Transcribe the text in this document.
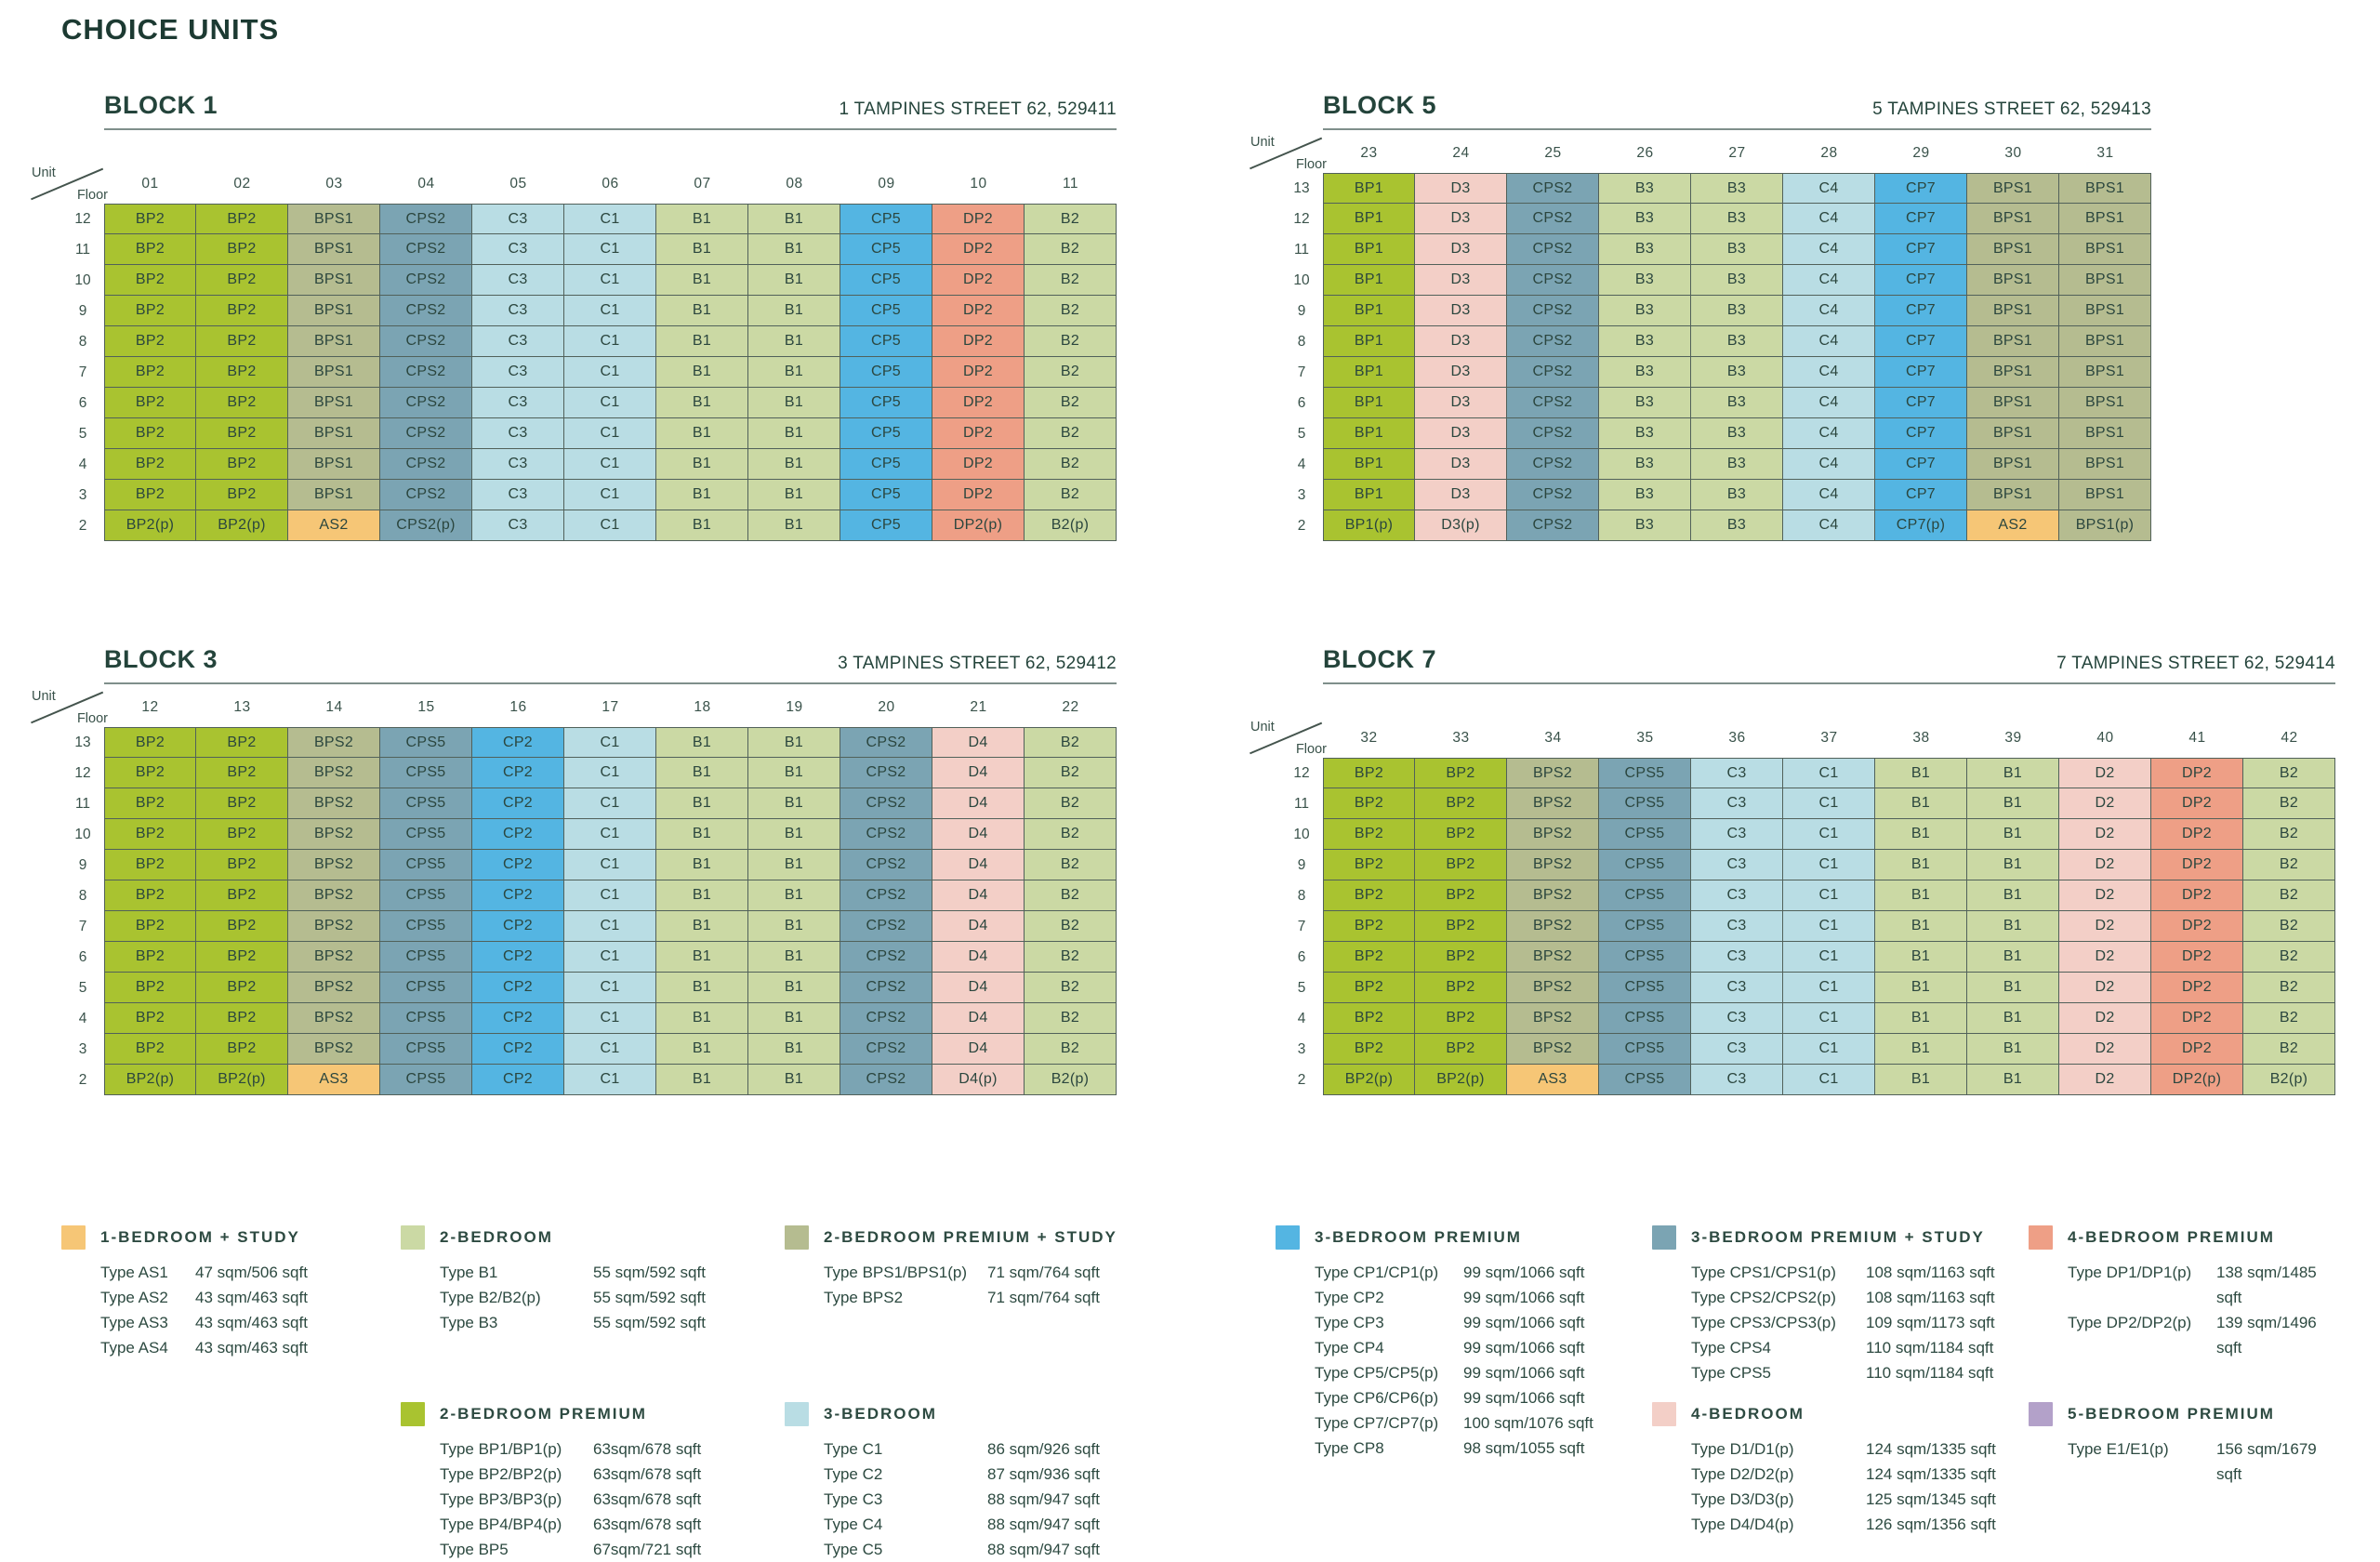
CHOICE UNITS
BLOCK 1	1 TAMPINES STREET 62, 529411
Unit
Floor
01	02	03	04	05	06	07	08	09	10	11
12	BP2	BP2	BPS1	CPS2	C3	C1	B1	B1	CP5	DP2	B2
11	BP2	BP2	BPS1	CPS2	C3	C1	B1	B1	CP5	DP2	B2
10	BP2	BP2	BPS1	CPS2	C3	C1	B1	B1	CP5	DP2	B2
9	BP2	BP2	BPS1	CPS2	C3	C1	B1	B1	CP5	DP2	B2
8	BP2	BP2	BPS1	CPS2	C3	C1	B1	B1	CP5	DP2	B2
7	BP2	BP2	BPS1	CPS2	C3	C1	B1	B1	CP5	DP2	B2
6	BP2	BP2	BPS1	CPS2	C3	C1	B1	B1	CP5	DP2	B2
5	BP2	BP2	BPS1	CPS2	C3	C1	B1	B1	CP5	DP2	B2
4	BP2	BP2	BPS1	CPS2	C3	C1	B1	B1	CP5	DP2	B2
3	BP2	BP2	BPS1	CPS2	C3	C1	B1	B1	CP5	DP2	B2
2	BP2(p)	BP2(p)	AS2	CPS2(p)	C3	C1	B1	B1	CP5	DP2(p)	B2(p)
BLOCK 5	5 TAMPINES STREET 62, 529413
Unit
Floor
23	24	25	26	27	28	29	30	31
13	BP1	D3	CPS2	B3	B3	C4	CP7	BPS1	BPS1
12	BP1	D3	CPS2	B3	B3	C4	CP7	BPS1	BPS1
11	BP1	D3	CPS2	B3	B3	C4	CP7	BPS1	BPS1
10	BP1	D3	CPS2	B3	B3	C4	CP7	BPS1	BPS1
9	BP1	D3	CPS2	B3	B3	C4	CP7	BPS1	BPS1
8	BP1	D3	CPS2	B3	B3	C4	CP7	BPS1	BPS1
7	BP1	D3	CPS2	B3	B3	C4	CP7	BPS1	BPS1
6	BP1	D3	CPS2	B3	B3	C4	CP7	BPS1	BPS1
5	BP1	D3	CPS2	B3	B3	C4	CP7	BPS1	BPS1
4	BP1	D3	CPS2	B3	B3	C4	CP7	BPS1	BPS1
3	BP1	D3	CPS2	B3	B3	C4	CP7	BPS1	BPS1
2	BP1(p)	D3(p)	CPS2	B3	B3	C4	CP7(p)	AS2	BPS1(p)
BLOCK 3	3 TAMPINES STREET 62, 529412
Unit
Floor
12	13	14	15	16	17	18	19	20	21	22
13	BP2	BP2	BPS2	CPS5	CP2	C1	B1	B1	CPS2	D4	B2
12	BP2	BP2	BPS2	CPS5	CP2	C1	B1	B1	CPS2	D4	B2
11	BP2	BP2	BPS2	CPS5	CP2	C1	B1	B1	CPS2	D4	B2
10	BP2	BP2	BPS2	CPS5	CP2	C1	B1	B1	CPS2	D4	B2
9	BP2	BP2	BPS2	CPS5	CP2	C1	B1	B1	CPS2	D4	B2
8	BP2	BP2	BPS2	CPS5	CP2	C1	B1	B1	CPS2	D4	B2
7	BP2	BP2	BPS2	CPS5	CP2	C1	B1	B1	CPS2	D4	B2
6	BP2	BP2	BPS2	CPS5	CP2	C1	B1	B1	CPS2	D4	B2
5	BP2	BP2	BPS2	CPS5	CP2	C1	B1	B1	CPS2	D4	B2
4	BP2	BP2	BPS2	CPS5	CP2	C1	B1	B1	CPS2	D4	B2
3	BP2	BP2	BPS2	CPS5	CP2	C1	B1	B1	CPS2	D4	B2
2	BP2(p)	BP2(p)	AS3	CPS5	CP2	C1	B1	B1	CPS2	D4(p)	B2(p)
BLOCK 7	7 TAMPINES STREET 62, 529414
Unit
Floor
32	33	34	35	36	37	38	39	40	41	42
12	BP2	BP2	BPS2	CPS5	C3	C1	B1	B1	D2	DP2	B2
11	BP2	BP2	BPS2	CPS5	C3	C1	B1	B1	D2	DP2	B2
10	BP2	BP2	BPS2	CPS5	C3	C1	B1	B1	D2	DP2	B2
9	BP2	BP2	BPS2	CPS5	C3	C1	B1	B1	D2	DP2	B2
8	BP2	BP2	BPS2	CPS5	C3	C1	B1	B1	D2	DP2	B2
7	BP2	BP2	BPS2	CPS5	C3	C1	B1	B1	D2	DP2	B2
6	BP2	BP2	BPS2	CPS5	C3	C1	B1	B1	D2	DP2	B2
5	BP2	BP2	BPS2	CPS5	C3	C1	B1	B1	D2	DP2	B2
4	BP2	BP2	BPS2	CPS5	C3	C1	B1	B1	D2	DP2	B2
3	BP2	BP2	BPS2	CPS5	C3	C1	B1	B1	D2	DP2	B2
2	BP2(p)	BP2(p)	AS3	CPS5	C3	C1	B1	B1	D2	DP2(p)	B2(p)
1-BEDROOM + STUDY
Type AS1	47 sqm/506 sqft
Type AS2	43 sqm/463 sqft
Type AS3	43 sqm/463 sqft
Type AS4	43 sqm/463 sqft
2-BEDROOM
Type B1	55 sqm/592 sqft
Type B2/B2(p)	55 sqm/592 sqft
Type B3	55 sqm/592 sqft
2-BEDROOM PREMIUM
Type BP1/BP1(p)	63sqm/678 sqft
Type BP2/BP2(p)	63sqm/678 sqft
Type BP3/BP3(p)	63sqm/678 sqft
Type BP4/BP4(p)	63sqm/678 sqft
Type BP5	67sqm/721 sqft
2-BEDROOM PREMIUM + STUDY
Type BPS1/BPS1(p)	71 sqm/764 sqft
Type BPS2	71 sqm/764 sqft
3-BEDROOM
Type C1	86 sqm/926 sqft
Type C2	87 sqm/936 sqft
Type C3	88 sqm/947 sqft
Type C4	88 sqm/947 sqft
Type C5	88 sqm/947 sqft
3-BEDROOM PREMIUM
Type CP1/CP1(p)	99 sqm/1066 sqft
Type CP2	99 sqm/1066 sqft
Type CP3	99 sqm/1066 sqft
Type CP4	99 sqm/1066 sqft
Type CP5/CP5(p)	99 sqm/1066 sqft
Type CP6/CP6(p)	99 sqm/1066 sqft
Type CP7/CP7(p)	100 sqm/1076 sqft
Type CP8	98 sqm/1055 sqft
3-BEDROOM PREMIUM + STUDY
Type CPS1/CPS1(p)	108 sqm/1163 sqft
Type CPS2/CPS2(p)	108 sqm/1163 sqft
Type CPS3/CPS3(p)	109 sqm/1173 sqft
Type CPS4	110 sqm/1184 sqft
Type CPS5	110 sqm/1184 sqft
4-BEDROOM
Type D1/D1(p)	124 sqm/1335 sqft
Type D2/D2(p)	124 sqm/1335 sqft
Type D3/D3(p)	125 sqm/1345 sqft
Type D4/D4(p)	126 sqm/1356 sqft
4-BEDROOM PREMIUM
Type DP1/DP1(p)	138 sqm/1485 sqft
Type DP2/DP2(p)	139 sqm/1496 sqft
5-BEDROOM PREMIUM
Type E1/E1(p)	156 sqm/1679 sqft
